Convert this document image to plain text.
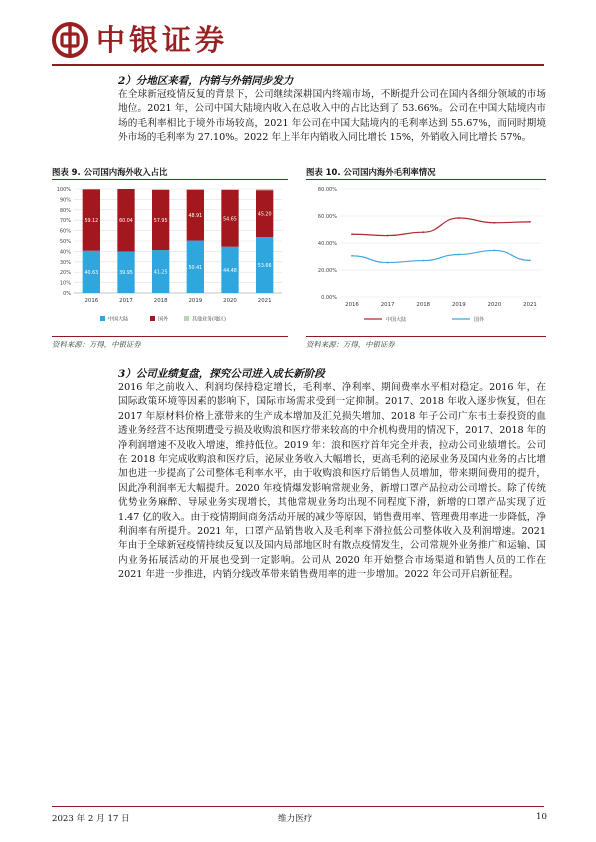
中银证券
2）分地区来看，内销与外销同步发力

在全球新冠疫情反复的背景下，公司继续深耕国内终端市场，不断提升公司在国内各细分领域的市场地位。2021 年，公司中国大陆境内收入在总收入中的占比达到了 53.66%。公司在中国大陆境内市场的毛利率相比于境外市场较高，2021 年公司在中国大陆境内的毛利率达到 55.67%，而同时期境外市场的毛利率为 27.10%。2022 年上半年内销收入同比增长 15%，外销收入同比增长 57%。

图表 9. 公司国内海外收入占比
0%
10%
20%
30%
40%
50%
60%
70%
80%
90%
100%
40.63
59.12
2016
39.95
60.04
2017
41.25
57.95
2018
50.41
48.91
2019
44.48
54.65
2020
53.66
45.20
2021
中国大陆	国外	其他业务(地区)
资料来源：万得，中银证券
图表 10. 公司国内海外毛利率情况
0.00%
20.00%
40.00%
60.00%
80.00%
2016	2017	2018	2019	2020	2021
中国大陆	国外
资料来源：万得，中银证券
3）公司业绩复盘，探究公司进入成长新阶段

2016 年之前收入、利润均保持稳定增长，毛利率、净利率、期间费率水平相对稳定。2016 年，在国际政策环境等因素的影响下，国际市场需求受到一定抑制。2017、2018 年收入逐步恢复，但在 2017 年原材料价格上涨带来的生产成本增加及汇兑损失增加、2018 年子公司广东韦士泰投资的血透业务经营不达预期遭受亏损及收购浪和医疗带来较高的中介机构费用的情况下，2017、2018 年的净利润增速不及收入增速，维持低位。2019 年：浪和医疗首年完全并表，拉动公司业绩增长。公司在 2018 年完成收购浪和医疗后，泌尿业务收入大幅增长，更高毛利的泌尿业务及国内业务的占比增加也进一步提高了公司整体毛利率水平，由于收购浪和医疗后销售人员增加，带来期间费用的提升，因此净利润率无大幅提升。2020 年疫情爆发影响常规业务，新增口罩产品拉动公司增长。除了传统优势业务麻醉、导尿业务实现增长，其他常规业务均出现不同程度下滑，新增的口罩产品实现了近 1.47 亿的收入。由于疫情期间商务活动开展的减少等原因，销售费用率、管理费用率进一步降低，净利润率有所提升。2021 年，口罩产品销售收入及毛利率下滑拉低公司整体收入及利润增速。2021 年由于全球新冠疫情持续反复以及国内局部地区时有散点疫情发生，公司常规外业务推广和运输、国内业务拓展活动的开展也受到一定影响。公司从 2020 年开始整合市场渠道和销售人员的工作在 2021 年进一步推进，内销分线改革带来销售费用率的进一步增加。2022 年公司开启新征程。

2023 年 2 月 17 日	维力医疗	10
